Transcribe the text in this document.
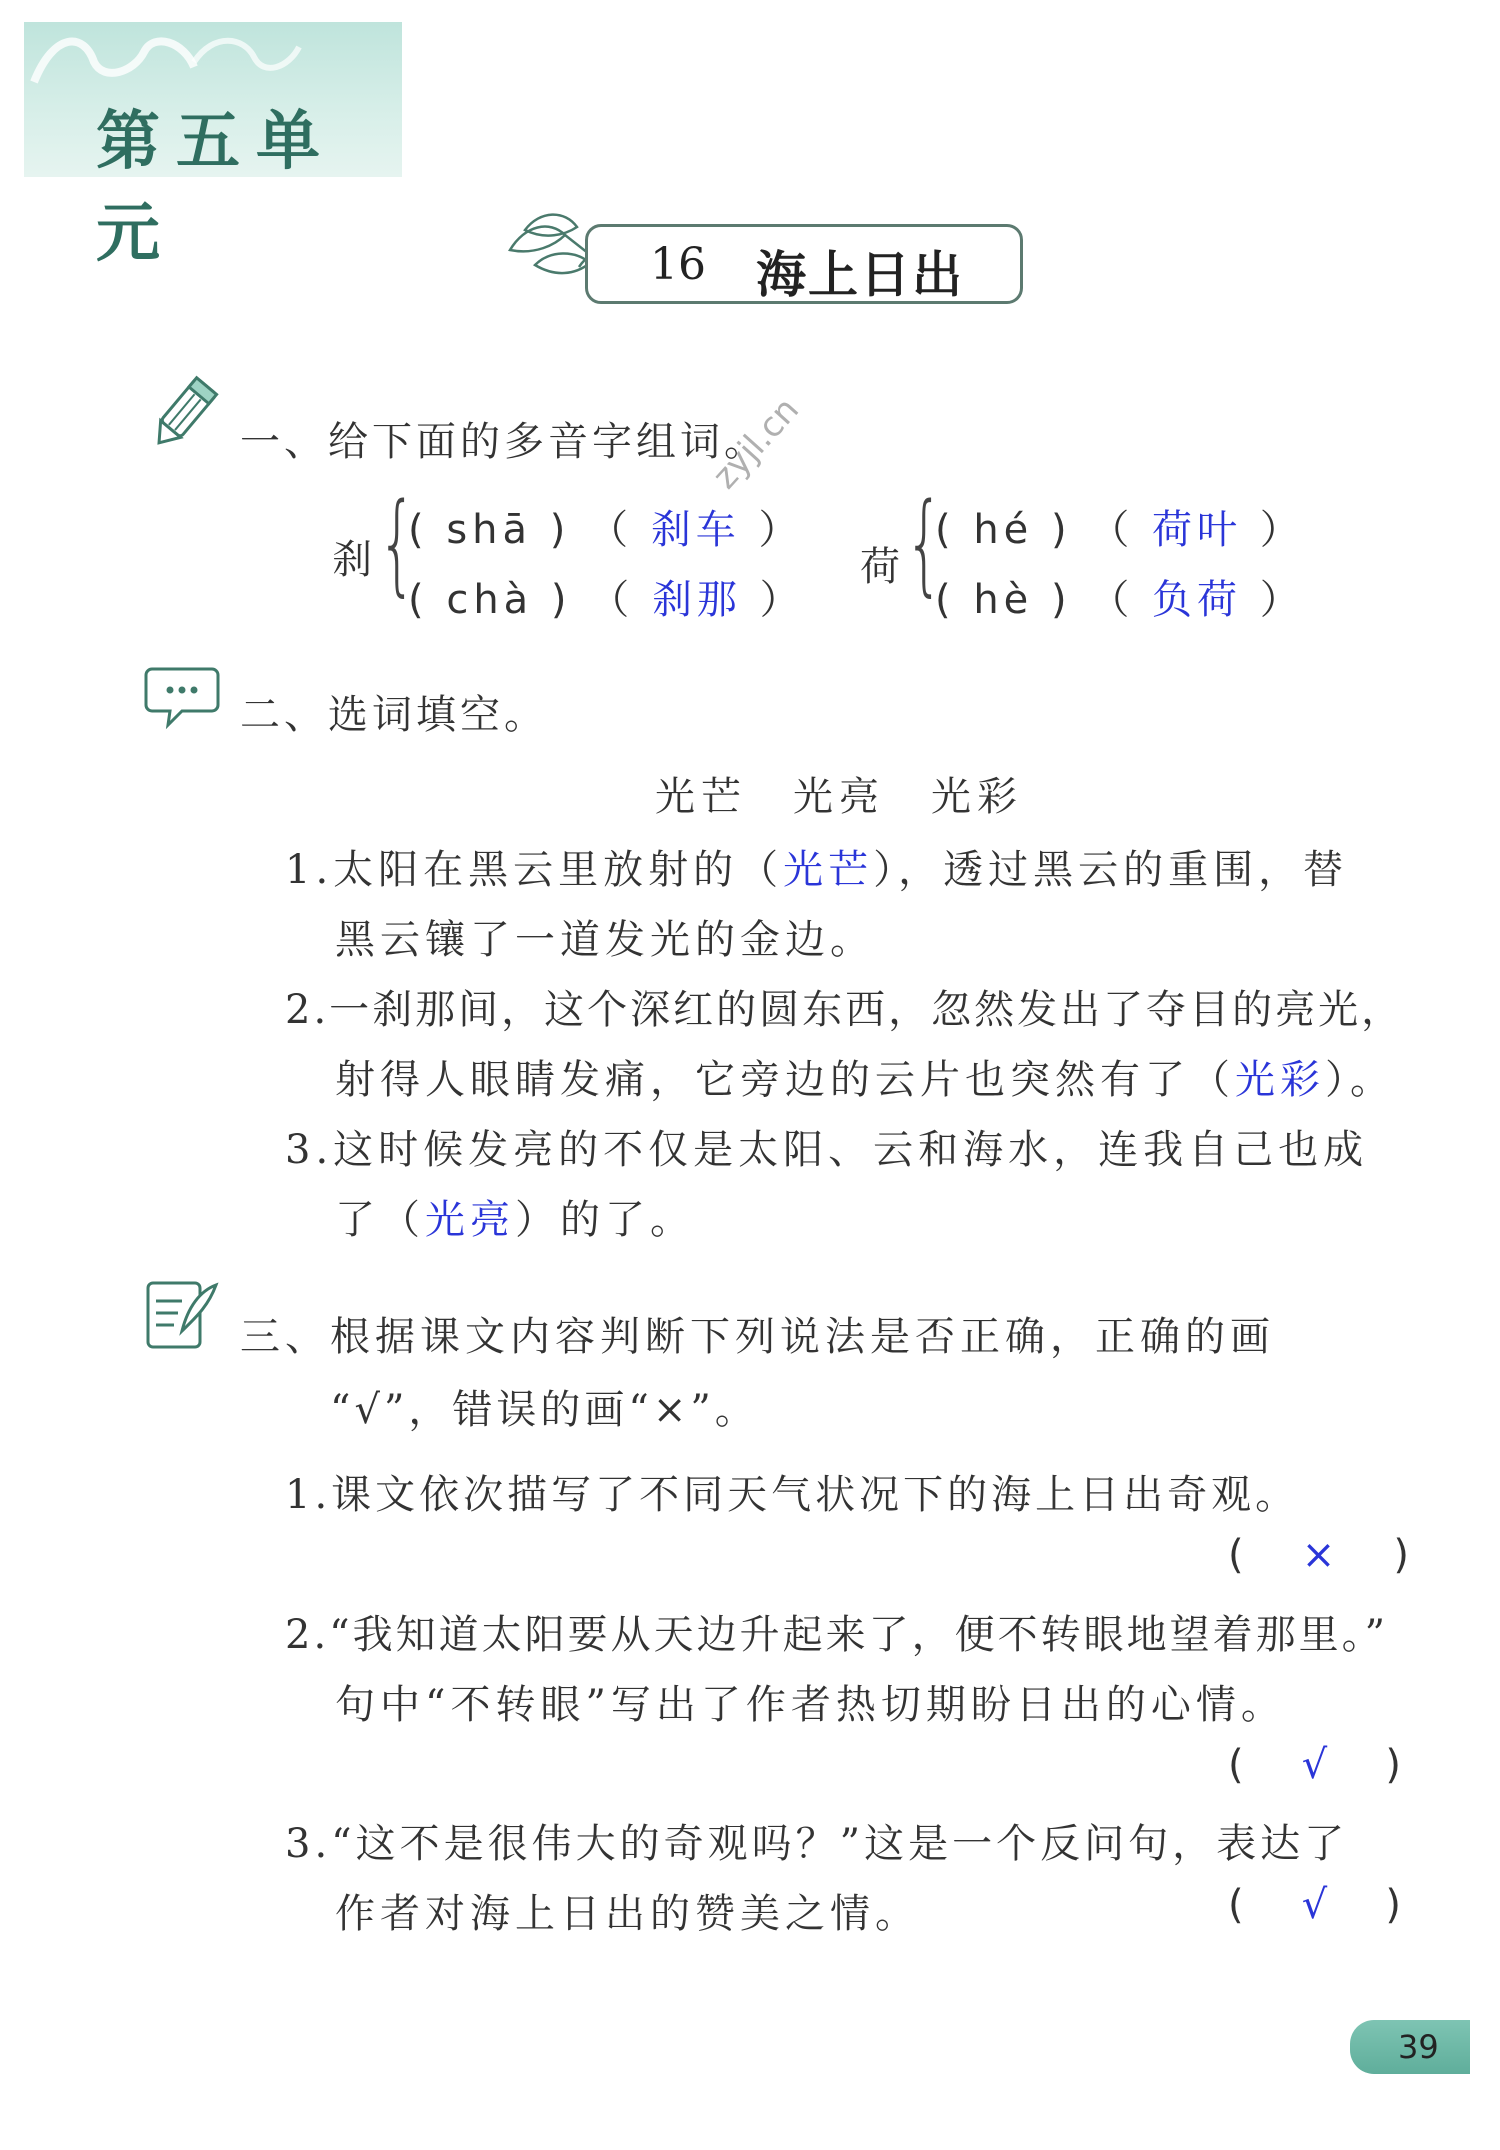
第五单元	16 海上日出
一、给下面的多音字组词。
刹 {
( shā ) （ 刹车 ）
( chà ) （ 刹那 ）
荷 {
( hé ) （ 荷叶 ）
( hè ) （ 负荷 ）
zyjl.cn
二、选词填空。
光芒　光亮　光彩
1.太阳在黑云里放射的（光芒），透过黑云的重围，替
黑云镶了一道发光的金边。
2.一刹那间，这个深红的圆东西，忽然发出了夺目的亮光，
射得人眼睛发痛，它旁边的云片也突然有了（光彩）。
3.这时候发亮的不仅是太阳、云和海水，连我自己也成
了（光亮）的了。
三、根据课文内容判断下列说法是否正确，正确的画
“√”，错误的画“×”。
1.课文依次描写了不同天气状况下的海上日出奇观。
(   ×   )
2.“我知道太阳要从天边升起来了，便不转眼地望着那里。”
句中“不转眼”写出了作者热切期盼日出的心情。
(   √   )
3.“这不是很伟大的奇观吗？”这是一个反问句，表达了
作者对海上日出的赞美之情。	(   √   )
39
